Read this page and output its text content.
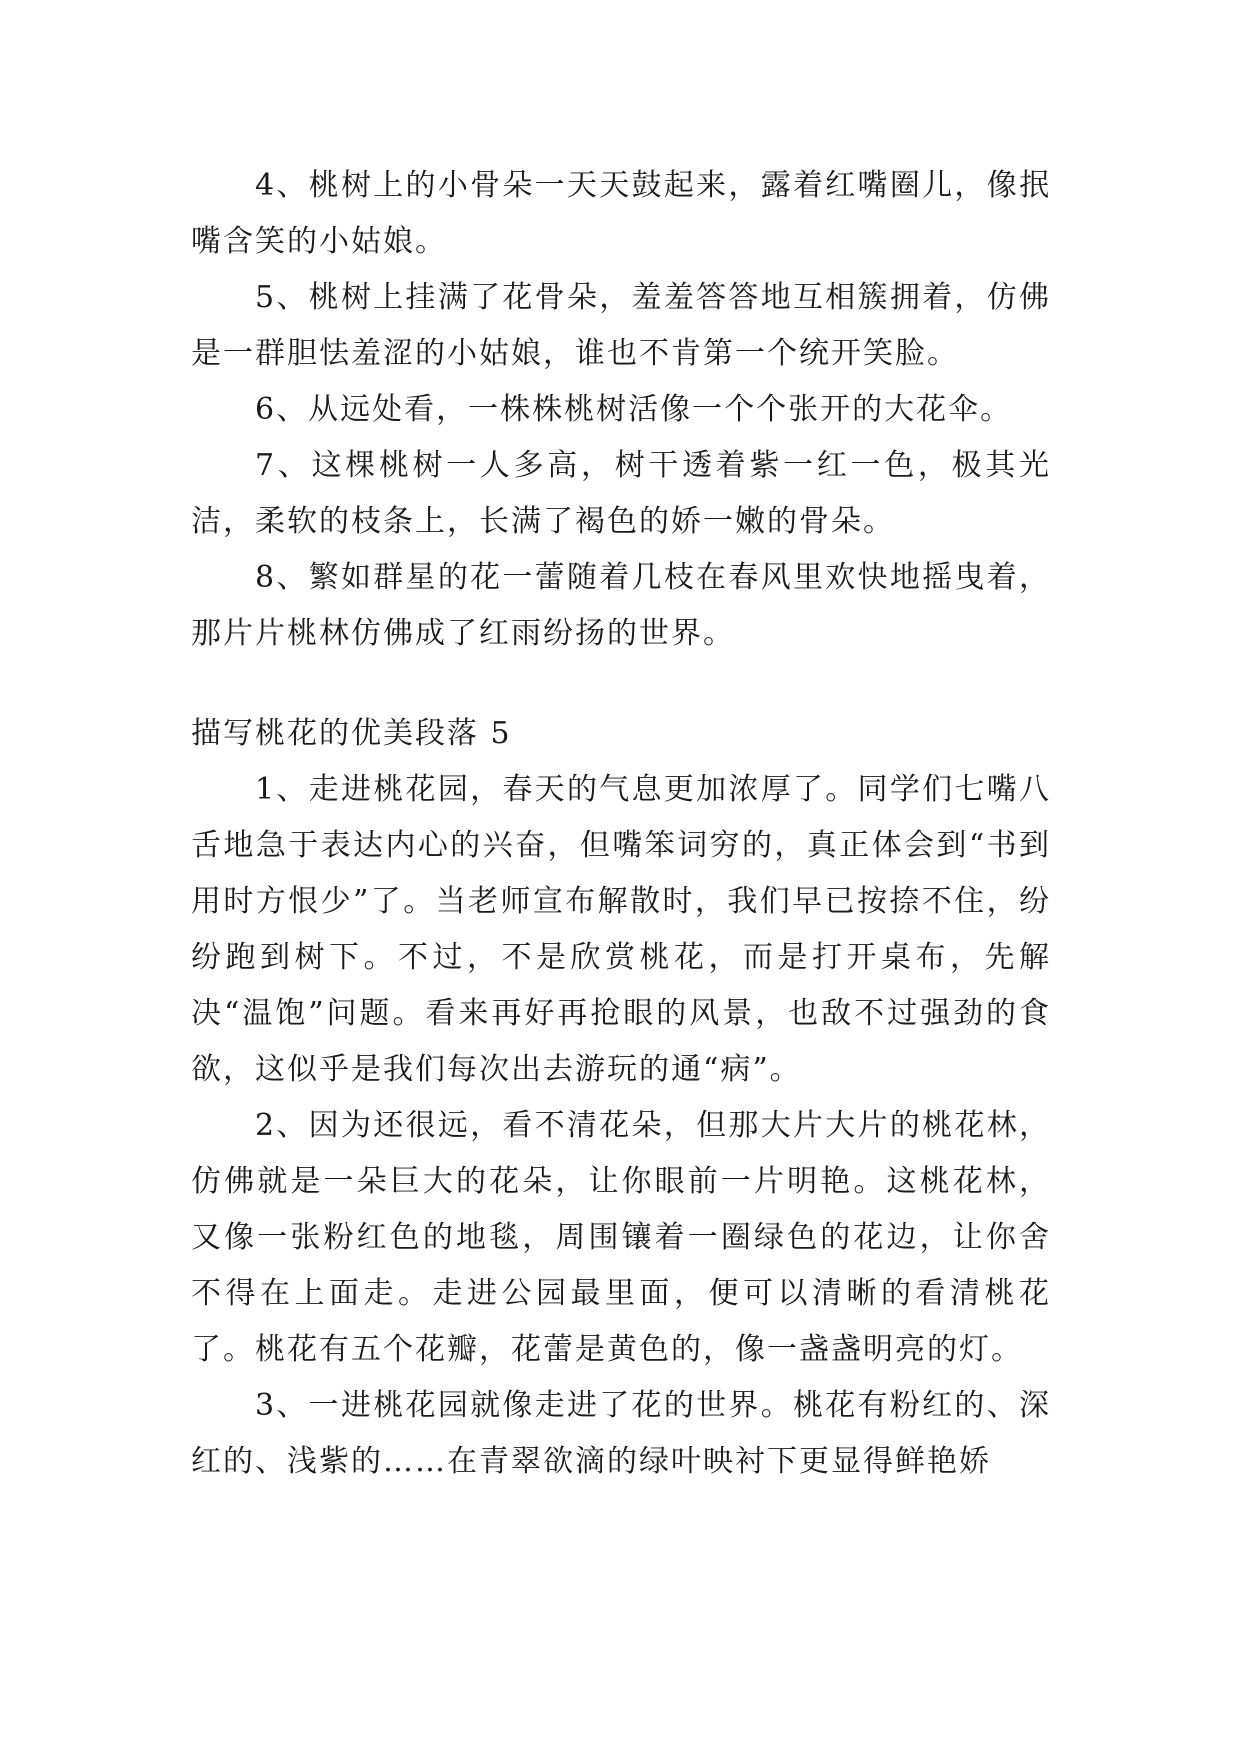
4、桃树上的小骨朵一天天鼓起来，露着红嘴圈儿，像抿嘴含笑的小姑娘。

5、桃树上挂满了花骨朵，羞羞答答地互相簇拥着，仿佛是一群胆怯羞涩的小姑娘，谁也不肯第一个统开笑脸。

6、从远处看，一株株桃树活像一个个张开的大花伞。

7、这棵桃树一人多高，树干透着紫一红一色，极其光洁，柔软的枝条上，长满了褐色的娇一嫩的骨朵。

8、繁如群星的花一蕾随着几枝在春风里欢快地摇曳着，那片片桃林仿佛成了红雨纷扬的世界。

描写桃花的优美段落 5

1、走进桃花园，春天的气息更加浓厚了。同学们七嘴八舌地急于表达内心的兴奋，但嘴笨词穷的，真正体会到“书到用时方恨少”了。当老师宣布解散时，我们早已按捺不住，纷纷跑到树下。不过，不是欣赏桃花，而是打开桌布，先解决“温饱”问题。看来再好再抢眼的风景，也敌不过强劲的食欲，这似乎是我们每次出去游玩的通“病”。

2、因为还很远，看不清花朵，但那大片大片的桃花林，仿佛就是一朵巨大的花朵，让你眼前一片明艳。这桃花林，又像一张粉红色的地毯，周围镶着一圈绿色的花边，让你舍不得在上面走。走进公园最里面，便可以清晰的看清桃花了。桃花有五个花瓣，花蕾是黄色的，像一盏盏明亮的灯。

3、一进桃花园就像走进了花的世界。桃花有粉红的、深红的、浅紫的……在青翠欲滴的绿叶映衬下更显得鲜艳娇
